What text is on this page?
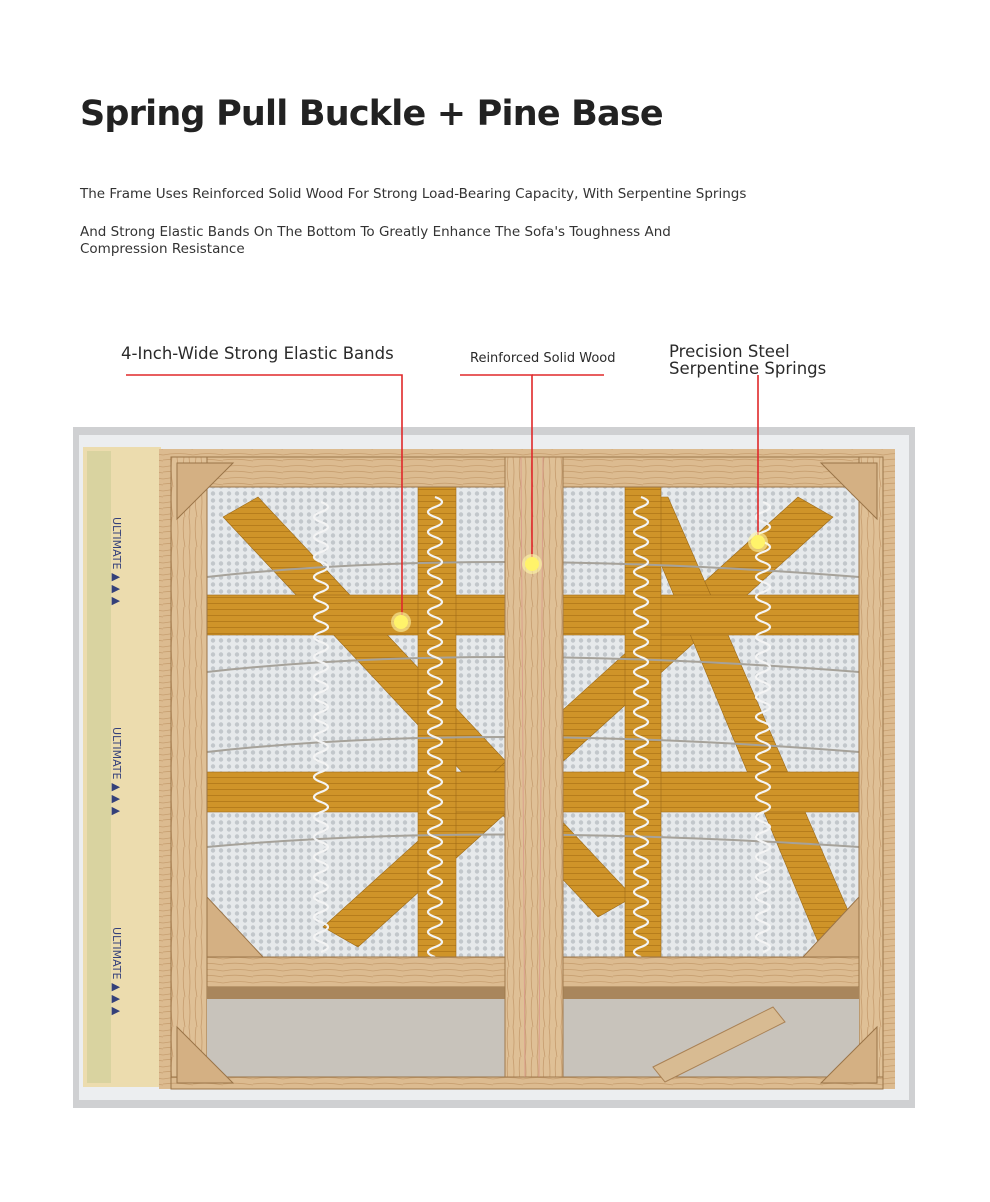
Spring Pull Buckle + Pine Base

The Frame Uses Reinforced Solid Wood For Strong Load-Bearing Capacity, With Serpentine Springs

And Strong Elastic Bands On The Bottom To Greatly Enhance The Sofa's Toughness And Compression Resistance

4-Inch-Wide Strong Elastic Bands	Reinforced Solid Wood	Precision Steel Serpentine Springs
ULTIMATE ▲ ▲ ▲
ULTIMATE ▲ ▲ ▲
ULTIMATE ▲ ▲ ▲
